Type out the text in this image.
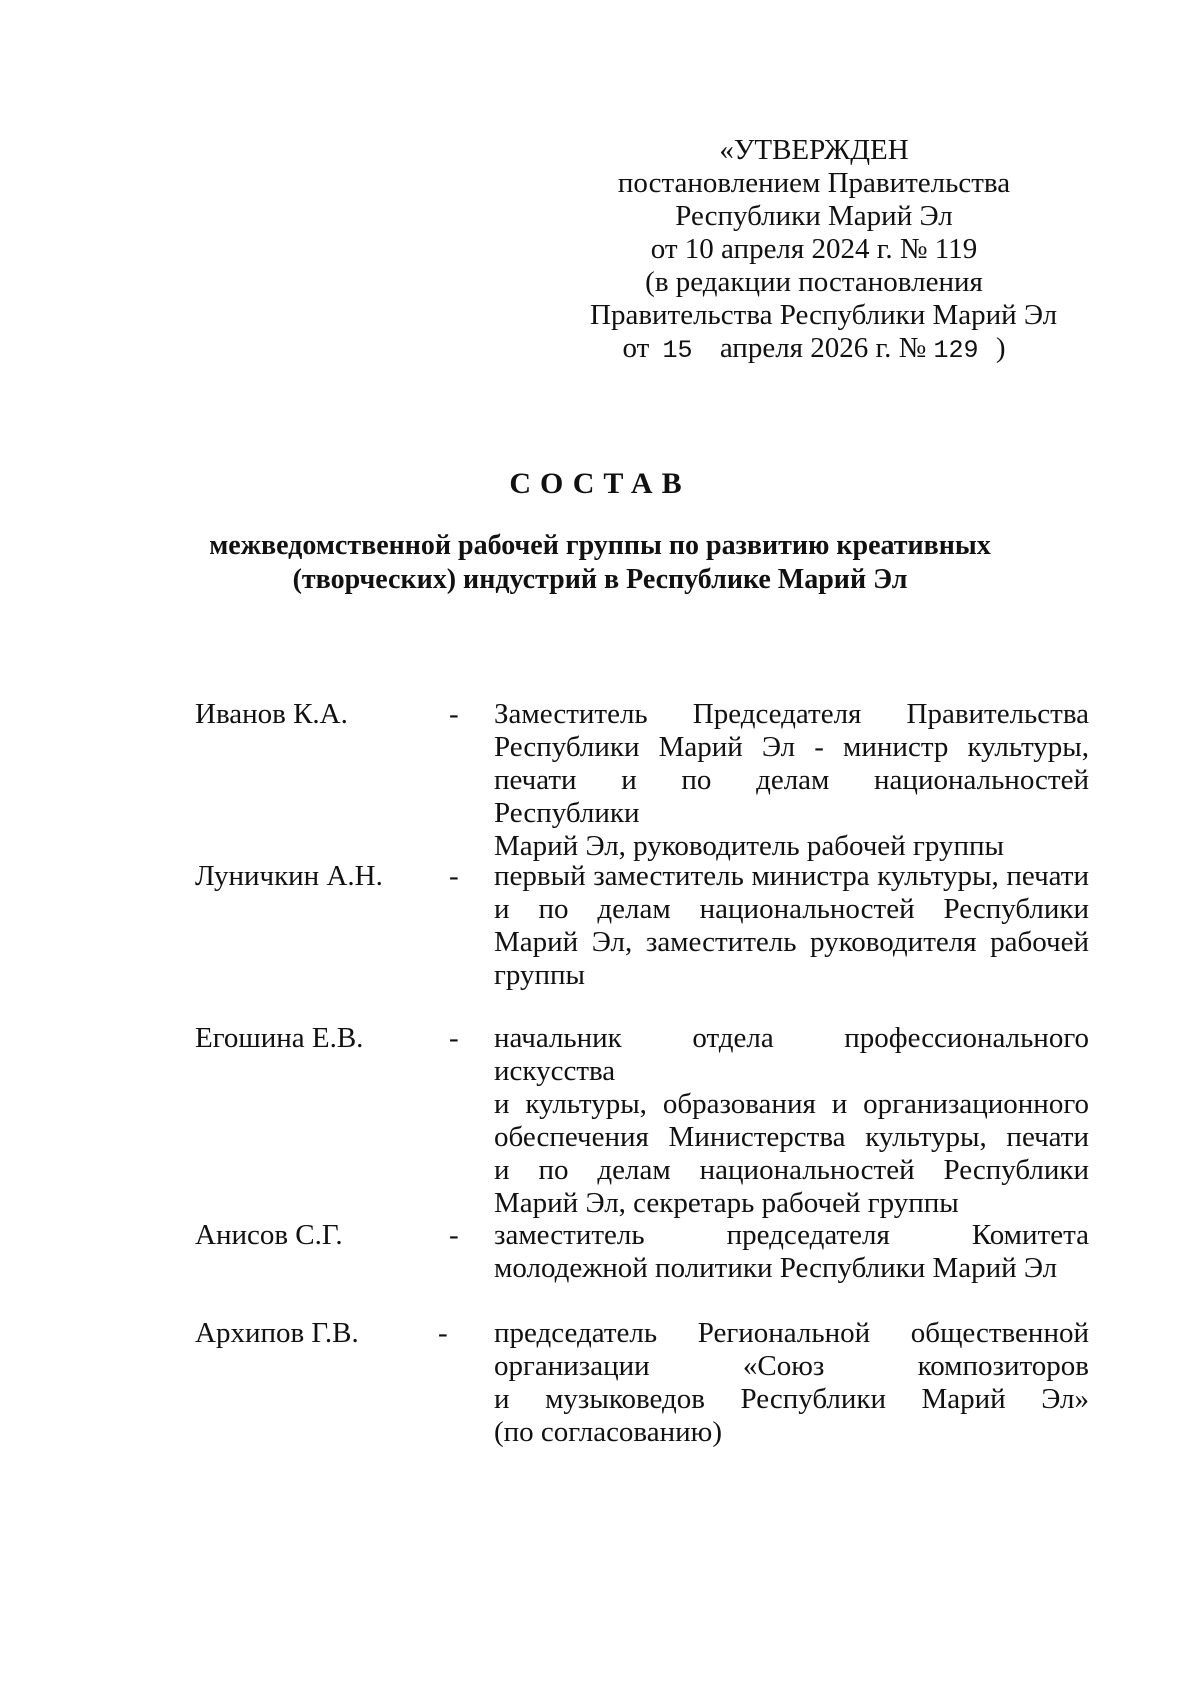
«УТВЕРЖДЕН
постановлением Правительства
Республики Марий Эл
от 10 апреля 2024 г. № 119
(в редакции постановления
Правительства Республики Марий Эл
от 15 апреля 2026 г. № 129 )
СОСТАВ
межведомственной рабочей группы по развитию креативных
(творческих) индустрий в Республике Марий Эл
Иванов К.А.	- Заместитель Председателя Правительства
Республики Марий Эл - министр культуры,
печати и по делам национальностей Республики
Марий Эл, руководитель рабочей группы
Луничкин А.Н. - первый заместитель министра культуры, печати
и по делам национальностей Республики
Марий Эл, заместитель руководителя рабочей
группы
Егошина Е.В.	- начальник отдела профессионального искусства
и культуры, образования и организационного
обеспечения Министерства культуры, печати
и по делам национальностей Республики
Марий Эл, секретарь рабочей группы
Анисов С.Г.	- заместитель председателя Комитета
молодежной политики Республики Марий Эл
Архипов Г.В.	- председатель Региональной общественной
организации «Союз композиторов
и музыковедов Республики Марий Эл»
(по согласованию)
